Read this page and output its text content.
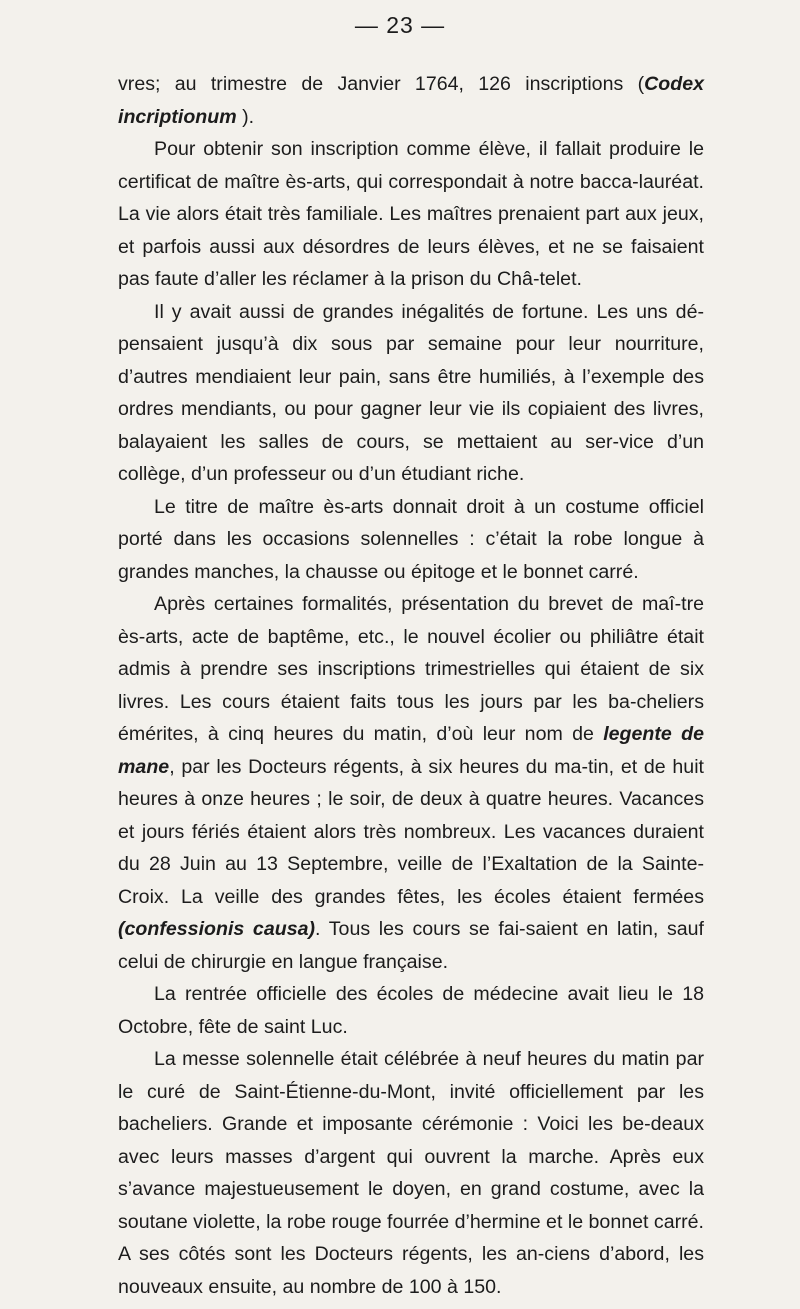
— 23 —

vres; au trimestre de Janvier 1764, 126 inscriptions (Codex incriptionum ).

Pour obtenir son inscription comme élève, il fallait produire le certificat de maître ès-arts, qui correspondait à notre bacca-lauréat. La vie alors était très familiale. Les maîtres prenaient part aux jeux, et parfois aussi aux désordres de leurs élèves, et ne se faisaient pas faute d’aller les réclamer à la prison du Châ-telet.

Il y avait aussi de grandes inégalités de fortune. Les uns dé-pensaient jusqu’à dix sous par semaine pour leur nourriture, d’autres mendiaient leur pain, sans être humiliés, à l’exemple des ordres mendiants, ou pour gagner leur vie ils copiaient des livres, balayaient les salles de cours, se mettaient au ser-vice d’un collège, d’un professeur ou d’un étudiant riche.

Le titre de maître ès-arts donnait droit à un costume officiel porté dans les occasions solennelles : c’était la robe longue à grandes manches, la chausse ou épitoge et le bonnet carré.

Après certaines formalités, présentation du brevet de maî-tre ès-arts, acte de baptême, etc., le nouvel écolier ou philiâtre était admis à prendre ses inscriptions trimestrielles qui étaient de six livres. Les cours étaient faits tous les jours par les ba-cheliers émérites, à cinq heures du matin, d’où leur nom de legente de mane, par les Docteurs régents, à six heures du ma-tin, et de huit heures à onze heures ; le soir, de deux à quatre heures. Vacances et jours fériés étaient alors très nombreux. Les vacances duraient du 28 Juin au 13 Septembre, veille de l’Exaltation de la Sainte-Croix. La veille des grandes fêtes, les écoles étaient fermées (confessionis causa). Tous les cours se fai-saient en latin, sauf celui de chirurgie en langue française.

La rentrée officielle des écoles de médecine avait lieu le 18 Octobre, fête de saint Luc.

La messe solennelle était célébrée à neuf heures du matin par le curé de Saint-Étienne-du-Mont, invité officiellement par les bacheliers. Grande et imposante cérémonie : Voici les be-deaux avec leurs masses d’argent qui ouvrent la marche. Après eux s’avance majestueusement le doyen, en grand costume, avec la soutane violette, la robe rouge fourrée d’hermine et le bonnet carré. A ses côtés sont les Docteurs régents, les an-ciens d’abord, les nouveaux ensuite, au nombre de 100 à 150.
